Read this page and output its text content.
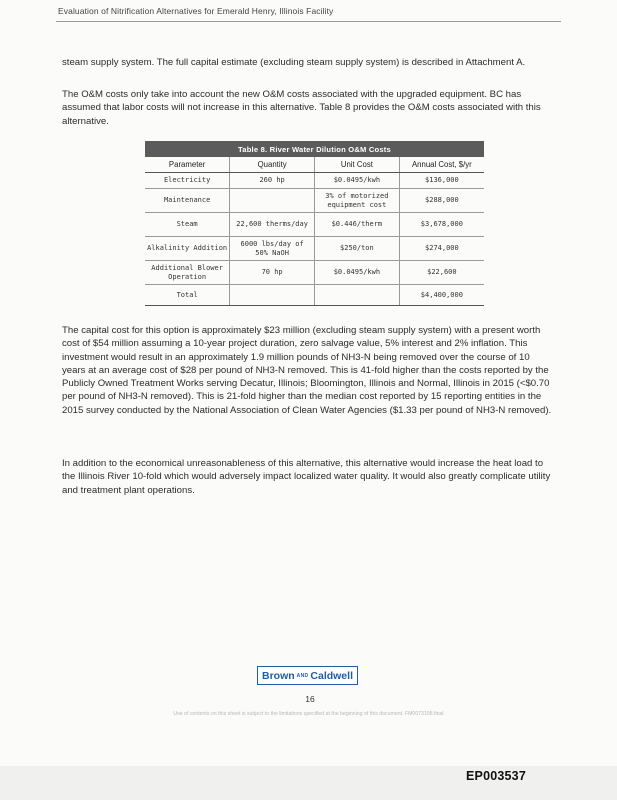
Evaluation of Nitrification Alternatives for Emerald Henry, Illinois Facility

steam supply system. The full capital estimate (excluding steam supply system) is described in Attachment A.

The O&M costs only take into account the new O&M costs associated with the upgraded equipment. BC has assumed that labor costs will not increase in this alternative. Table 8 provides the O&M costs associated with this alternative.

Table 8. River Water Dilution O&M Costs			
Parameter	Quantity	Unit Cost	Annual Cost, $/yr
Electricity	260 hp	$0.0495/kwh	$136,000
Maintenance		3% of motorized equipment cost	$288,000
Steam	22,600 therms/day	$0.446/therm	$3,678,000
Alkalinity Addition	6000 lbs/day of 50% NaOH	$250/ton	$274,000
Additional Blower Operation	70 hp	$0.0495/kwh	$22,600
Total			$4,400,000

The capital cost for this option is approximately $23 million (excluding steam supply system) with a present worth cost of $54 million assuming a 10-year project duration, zero salvage value, 5% interest and 2% inflation. This investment would result in an approximately 1.9 million pounds of NH3-N being removed over the course of 10 years at an average cost of $28 per pound of NH3-N removed. This is 41-fold higher than the costs reported by the Publicly Owned Treatment Works serving Decatur, Illinois; Bloomington, Illinois and Normal, Illinois in 2015 (<$0.70 per pound of NH3-N removed). This is 21-fold higher than the median cost reported by 15 reporting entities in the 2015 survey conducted by the National Association of Clean Water Agencies ($1.33 per pound of NH3-N removed).

In addition to the economical unreasonableness of this alternative, this alternative would increase the heat load to the Illinois River 10-fold which would adversely impact localized water quality. It would also greatly complicate utility and treatment plant operations.

Brown AND Caldwell
16
Use of contents on this sheet is subject to the limitations specified at the beginning of this document. FM0073158.final
EP003537
